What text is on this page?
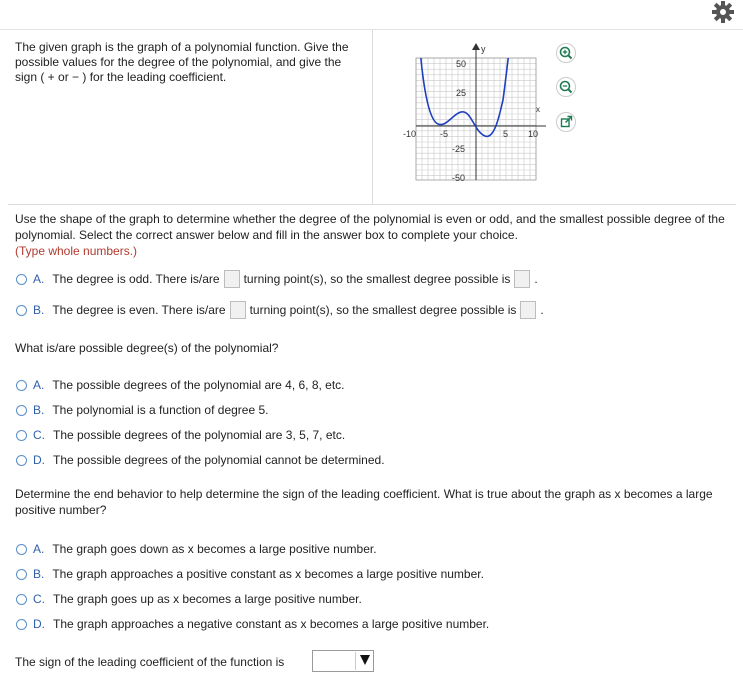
The given graph is the graph of a polynomial function. Give the possible values for the degree of the polynomial, and give the sign ( + or − ) for the leading coefficient.
y
x
50
25
-25
-50
-10	-5	5 10
Use the shape of the graph to determine whether the degree of the polynomial is even or odd, and the smallest possible degree of the polynomial. Select the correct answer below and fill in the answer box to complete your choice.
(Type whole numbers.)
A. The degree is odd. There is/are turning point(s), so the smallest degree possible is .
B. The degree is even. There is/are turning point(s), so the smallest degree possible is .
What is/are possible degree(s) of the polynomial?
A. The possible degrees of the polynomial are 4, 6, 8, etc.
B. The polynomial is a function of degree 5.
C. The possible degrees of the polynomial are 3, 5, 7, etc.
D. The possible degrees of the polynomial cannot be determined.
Determine the end behavior to help determine the sign of the leading coefficient. What is true about the graph as x becomes a large positive number?
A. The graph goes down as x becomes a large positive number.
B. The graph approaches a positive constant as x becomes a large positive number.
C. The graph goes up as x becomes a large positive number.
D. The graph approaches a negative constant as x becomes a large positive number.
The sign of the leading coefficient of the function is
